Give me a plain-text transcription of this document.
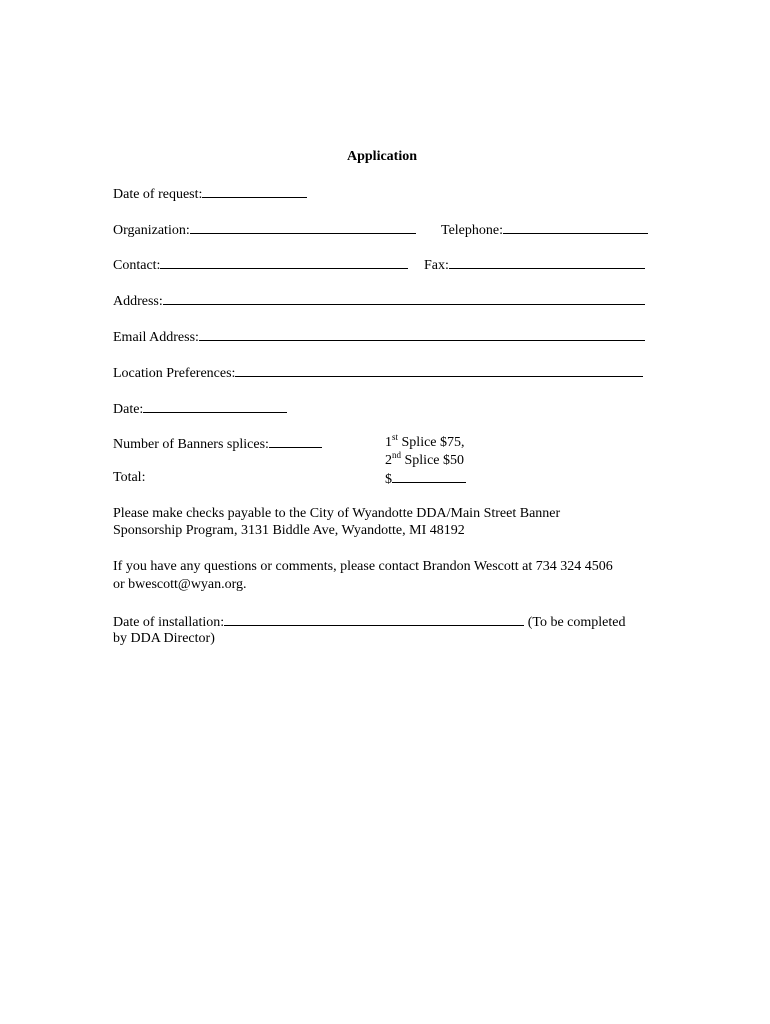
Application
Date of request:
Organization:	Telephone:
Contact:	Fax:
Address:
Email Address:
Location Preferences:
Date:
Number of Banners splices:	1st Splice $75,
2nd Splice $50
Total:	$
Please make checks payable to the City of Wyandotte DDA/Main Street Banner
Sponsorship Program, 3131 Biddle Ave, Wyandotte, MI 48192
If you have any questions or comments, please contact Brandon Wescott at 734 324 4506
or bwescott@wyan.org.
Date of installation:	(To be completed
by DDA Director)
